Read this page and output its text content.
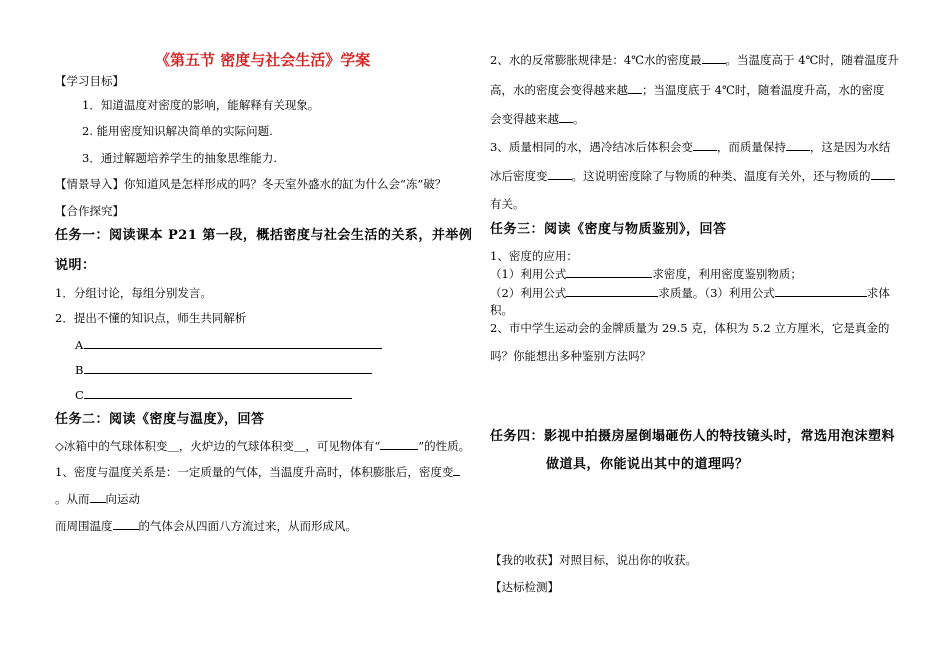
《第五节 密度与社会生活》学案
【学习目标】
1．知道温度对密度的影响，能解释有关现象。
2. 能用密度知识解决简单的实际问题.
3．通过解题培养学生的抽象思维能力.
【情景导入】你知道风是怎样形成的吗？冬天室外盛水的缸为什么会“冻”破？
【合作探究】
任务一：阅读课本 P21 第一段，概括密度与社会生活的关系，并举例
说明：
1．分组讨论，每组分别发言。
2．提出不懂的知识点，师生共同解析
A
B
C
任务二：阅读《密度与温度》，回答
◇冰箱中的气球体积变＿，火炉边的气球体积变＿，可见物体有“	”的性质。
1、密度与温度关系是：一定质量的气体，当温度升高时，体积膨胀后，密度变
。从而 向运动
而周围温度 的气体会从四面八方流过来，从而形成风。
2、水的反常膨胀规律是：4℃水的密度最 。当温度高于 4℃时，随着温度升
高，水的密度会变得越来越 ；当温度底于 4℃时，随着温度升高，水的密度
会变得越来越 。
3、质量相同的水，遇冷结冰后体积会变 ，而质量保持 ，这是因为水结
冰后密度变 。这说明密度除了与物质的种类、温度有关外，还与物质的
有关。
任务三：阅读《密度与物质鉴别》，回答
1、密度的应用：
（1）利用公式	求密度，利用密度鉴别物质；
（2）利用公式	求质量。（3）利用公式	求体
积。
2、市中学生运动会的金牌质量为 29.5 克，体积为 5.2 立方厘米，它是真金的
吗？你能想出多种鉴别方法吗？
任务四：影视中拍摄房屋倒塌砸伤人的特技镜头时，常选用泡沫塑料
做道具，你能说出其中的道理吗？
【我的收获】对照目标，说出你的收获。
【达标检测】
